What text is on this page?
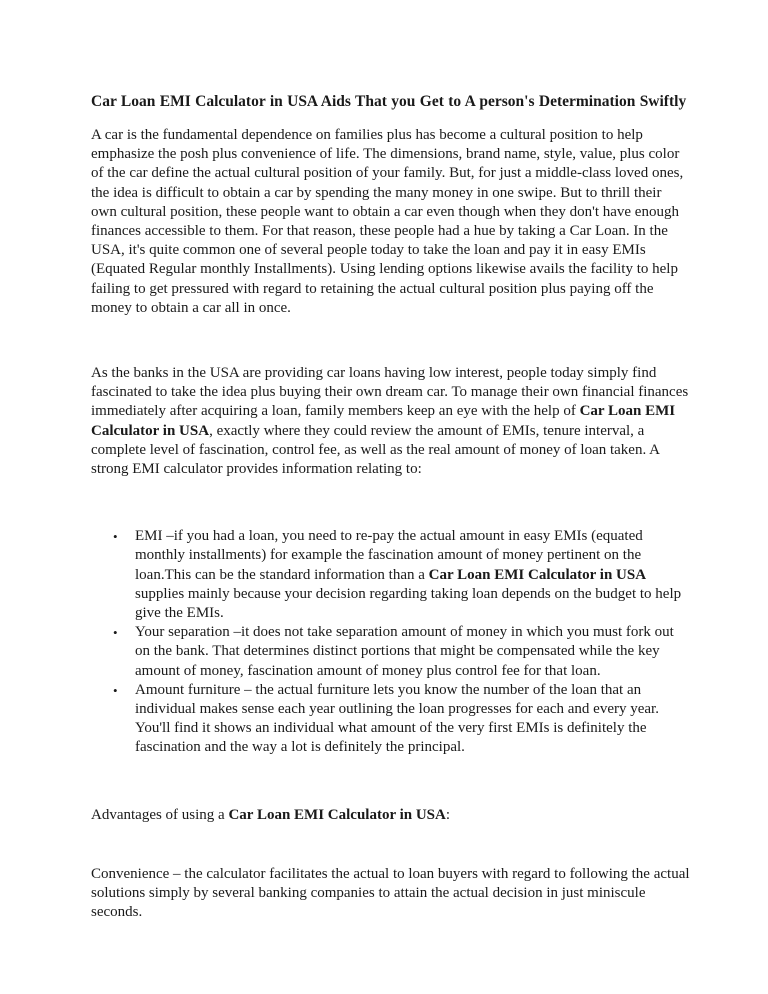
Car Loan EMI Calculator in USA Aids That you Get to A person's Determination Swiftly

A car is the fundamental dependence on families plus has become a cultural position to help emphasize the posh plus convenience of life. The dimensions, brand name, style, value, plus color of the car define the actual cultural position of your family. But, for just a middle-class loved ones, the idea is difficult to obtain a car by spending the many money in one swipe. But to thrill their own cultural position, these people want to obtain a car even though when they don't have enough finances accessible to them. For that reason, these people had a hue by taking a Car Loan. In the USA, it's quite common one of several people today to take the loan and pay it in easy EMIs (Equated Regular monthly Installments). Using lending options likewise avails the facility to help failing to get pressured with regard to retaining the actual cultural position plus paying off the money to obtain a car all in once.

As the banks in the USA are providing car loans having low interest, people today simply find fascinated to take the idea plus buying their own dream car. To manage their own financial finances immediately after acquiring a loan, family members keep an eye with the help of Car Loan EMI Calculator in USA, exactly where they could review the amount of EMIs, tenure interval, a complete level of fascination, control fee, as well as the real amount of money of loan taken. A strong EMI calculator provides information relating to:

• EMI –if you had a loan, you need to re-pay the actual amount in easy EMIs (equated monthly installments) for example the fascination amount of money pertinent on the loan.This can be the standard information than a Car Loan EMI Calculator in USA supplies mainly because your decision regarding taking loan depends on the budget to help give the EMIs.
• Your separation –it does not take separation amount of money in which you must fork out on the bank. That determines distinct portions that might be compensated while the key amount of money, fascination amount of money plus control fee for that loan.
• Amount furniture – the actual furniture lets you know the number of the loan that an individual makes sense each year outlining the loan progresses for each and every year. You'll find it shows an individual what amount of the very first EMIs is definitely the fascination and the way a lot is definitely the principal.

Advantages of using a Car Loan EMI Calculator in USA:

Convenience – the calculator facilitates the actual to loan buyers with regard to following the actual solutions simply by several banking companies to attain the actual decision in just miniscule seconds.
